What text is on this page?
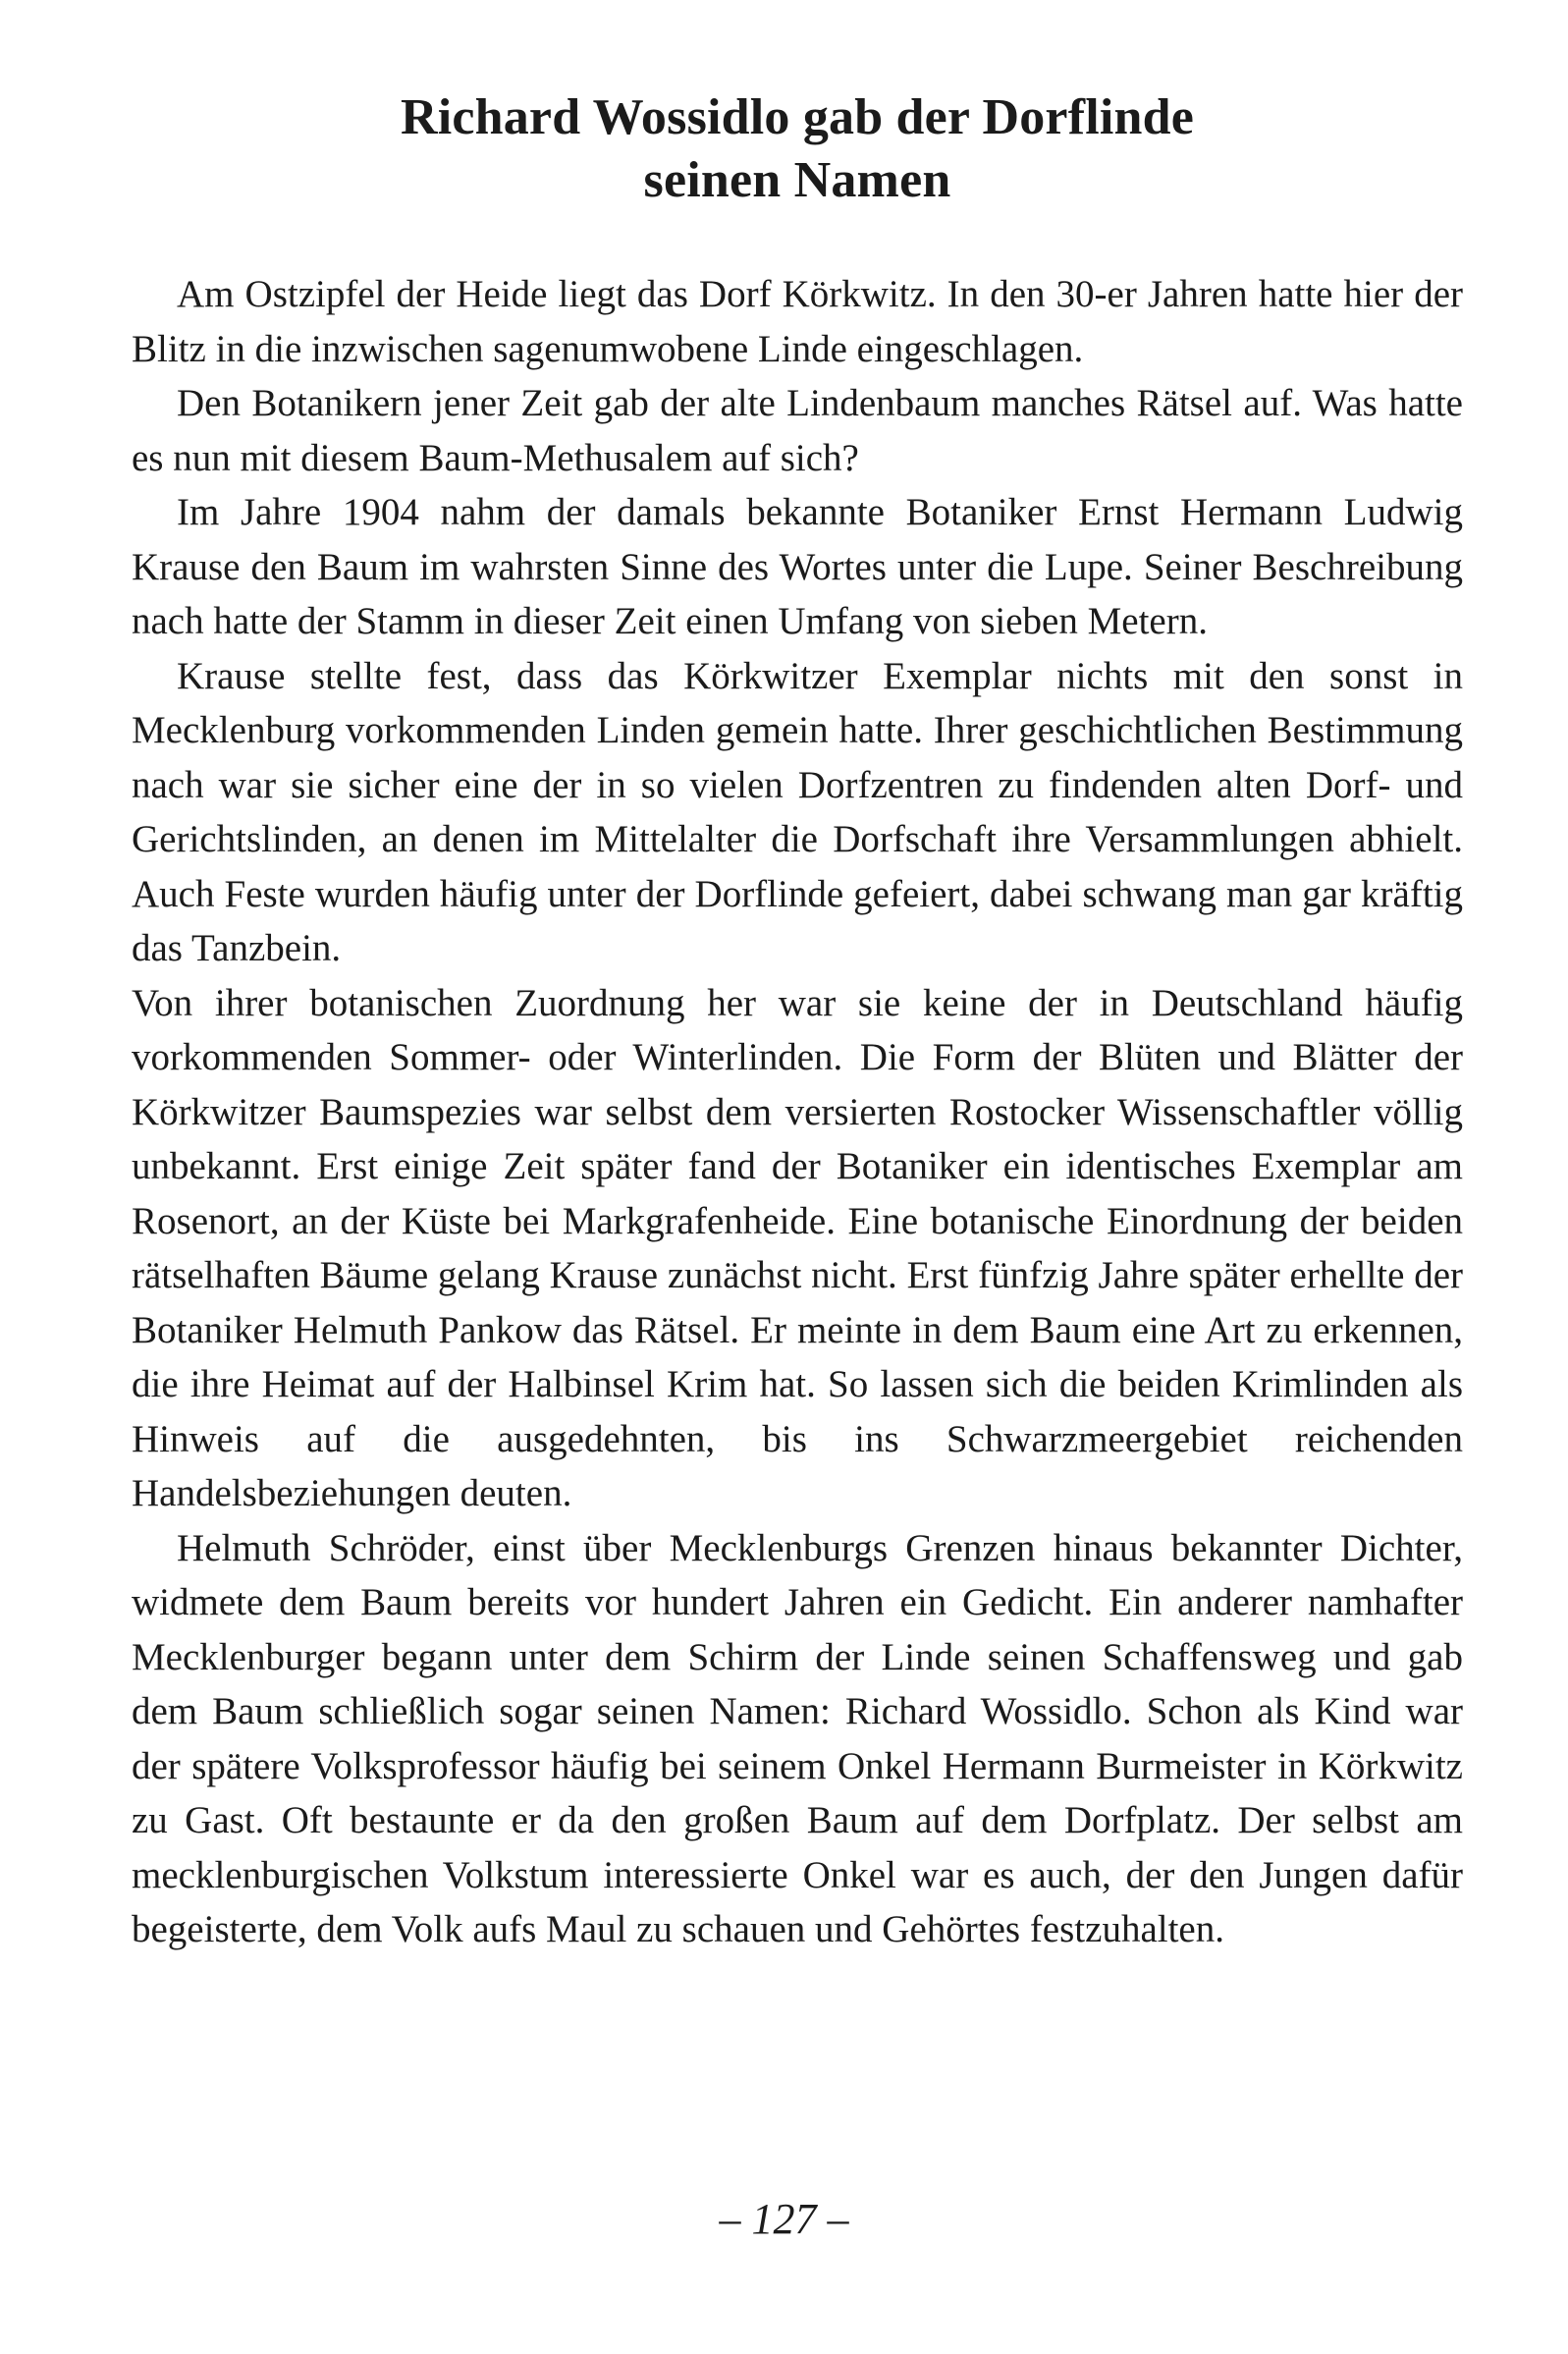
Richard Wossidlo gab der Dorflinde
seinen Namen

Am Ostzipfel der Heide liegt das Dorf Körkwitz. In den 30-er Jahren hatte hier der Blitz in die inzwischen sagenumwobene Linde eingeschlagen.

Den Botanikern jener Zeit gab der alte Lindenbaum manches Rätsel auf. Was hatte es nun mit diesem Baum-Methusalem auf sich?

Im Jahre 1904 nahm der damals bekannte Botaniker Ernst Hermann Ludwig Krause den Baum im wahrsten Sinne des Wortes unter die Lupe. Seiner Beschreibung nach hatte der Stamm in dieser Zeit einen Umfang von sieben Metern.

Krause stellte fest, dass das Körkwitzer Exemplar nichts mit den sonst in Mecklenburg vorkommenden Linden gemein hatte. Ihrer geschichtlichen Bestimmung nach war sie sicher eine der in so vielen Dorfzentren zu findenden alten Dorf- und Gerichtslinden, an denen im Mittelalter die Dorfschaft ihre Versammlungen abhielt. Auch Feste wurden häufig unter der Dorflinde gefeiert, dabei schwang man gar kräftig das Tanzbein.

Von ihrer botanischen Zuordnung her war sie keine der in Deutschland häufig vorkommenden Sommer- oder Winterlinden. Die Form der Blüten und Blätter der Körkwitzer Baumspezies war selbst dem versierten Rostocker Wissenschaftler völlig unbekannt. Erst einige Zeit später fand der Botaniker ein identisches Exemplar am Rosenort, an der Küste bei Markgrafenheide. Eine botanische Einordnung der beiden rätselhaften Bäume gelang Krause zunächst nicht. Erst fünfzig Jahre später erhellte der Botaniker Helmuth Pankow das Rätsel. Er meinte in dem Baum eine Art zu erkennen, die ihre Heimat auf der Halbinsel Krim hat. So lassen sich die beiden Krimlinden als Hinweis auf die ausgedehnten, bis ins Schwarzmeergebiet reichenden Handelsbeziehungen deuten.

Helmuth Schröder, einst über Mecklenburgs Grenzen hinaus bekannter Dichter, widmete dem Baum bereits vor hundert Jahren ein Gedicht. Ein anderer namhafter Mecklenburger begann unter dem Schirm der Linde seinen Schaffensweg und gab dem Baum schließlich sogar seinen Namen: Richard Wossidlo. Schon als Kind war der spätere Volksprofessor häufig bei seinem Onkel Hermann Burmeister in Körkwitz zu Gast. Oft bestaunte er da den großen Baum auf dem Dorfplatz. Der selbst am mecklenburgischen Volkstum interessierte Onkel war es auch, der den Jungen dafür begeisterte, dem Volk aufs Maul zu schauen und Gehörtes festzuhalten.

– 127 –
